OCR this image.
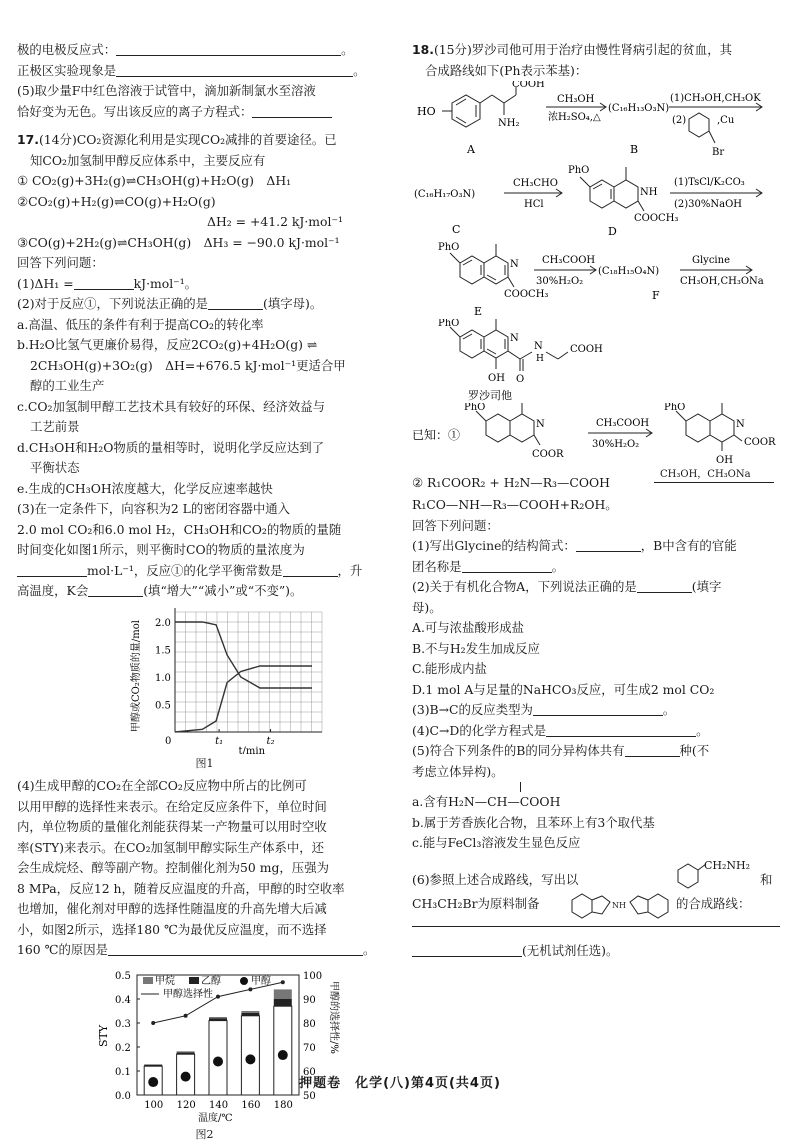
极的电极反应式：	。
正极区实验现象是	。
(5)取少量F中红色溶液于试管中，滴加新制氯水至溶液
恰好变为无色。写出该反应的离子方程式：
17.(14分)CO₂资源化利用是实现CO₂减排的首要途径。已
知CO₂加氢制甲醇反应体系中，主要反应有
① CO₂(g)+3H₂(g)⇌CH₃OH(g)+H₂O(g)　ΔH₁
②CO₂(g)+H₂(g)⇌CO(g)+H₂O(g)
ΔH₂ = +41.2 kJ·mol⁻¹
③CO(g)+2H₂(g)⇌CH₃OH(g)　ΔH₃ = −90.0 kJ·mol⁻¹
回答下列问题：
(1)ΔH₁ =	kJ·mol⁻¹。
(2)对于反应①，下列说法正确的是	(填字母)。
a.高温、低压的条件有利于提高CO₂的转化率
b.H₂O比氢气更廉价易得，反应2CO₂(g)+4H₂O(g) ⇌
2CH₃OH(g)+3O₂(g)　ΔH=+676.5 kJ·mol⁻¹更适合甲
醇的工业生产
c.CO₂加氢制甲醇工艺技术具有较好的环保、经济效益与
工艺前景
d.CH₃OH和H₂O物质的量相等时，说明化学反应达到了
平衡状态
e.生成的CH₃OH浓度越大，化学反应速率越快
(3)在一定条件下，向容积为2 L的密闭容器中通入
2.0 mol CO₂和6.0 mol H₂，CH₃OH和CO₂的物质的量随
时间变化如图1所示，则平衡时CO的物质的量浓度为
mol·L⁻¹，反应①的化学平衡常数是	，升
高温度，K会	(填“增大”“减小”或“不变”)。
甲醇或CO₂物质的量/mol 0.5
1.0
1.5
2.0
0	t₁	t₂
t/min
图1
(4)生成甲醇的CO₂在全部CO₂反应物中所占的比例可
以用甲醇的选择性来表示。在给定反应条件下，单位时间
内，单位物质的量催化剂能获得某一产物量可以用时空收
率(STY)来表示。在CO₂加氢制甲醇实际生产体系中，还
会生成烷烃、醇等副产物。控制催化剂为50 mg，压强为
8 MPa，反应12 h，随着反应温度的升高，甲醇的时空收率
也增加，催化剂对甲醇的选择性随温度的升高先增大后减
小，如图2所示，选择180 ℃为最优反应温度，而不选择
160 ℃的原因是	。
0.0
0.1
0.2
0.3
0.4
0.5
50
60
70
80
90
100
STY	甲醇的选择性/%
100 120 140 160 180
温度/℃
甲烷	乙醇	甲醇
甲醇选择性
图2
18.(15分)罗沙司他可用于治疗由慢性肾病引起的贫血，其
合成路线如下(Ph表示苯基)：
HO
COOH
NH₂
A
CH₃OH
浓H₂SO₄,△
(C₁₆H₁₃O₃N)
B
(1)CH₃OH,CH₃OK
(2)	,Cu
Br
(C₁₆H₁₇O₃N)
C
CH₃CHO
HCl
PhO
NH
COOCH₃
D
(1)TsCl/K₂CO₃
(2)30%NaOH
PhO
N
COOCH₃
E
CH₃COOH
30%H₂O₂
(C₁₈H₁₅O₄N)
Glycine
CH₃OH,CH₃ONa
F
PhO
N
N
H
COOH
O
OH
罗沙司他
已知：①
PhO
N
COOR
CH₃COOH
30%H₂O₂
PhO
N
COOR
OH
② R₁COOR₂ + H₂N—R₃—COOH
CH₃OH，CH₃ONa
R₁CO—NH—R₃—COOH+R₂OH。
回答下列问题：
(1)写出Glycine的结构简式：	，B中含有的官能
团名称是	。
(2)关于有机化合物A，下列说法正确的是	(填字
母)。
A.可与浓盐酸形成盐
B.不与H₂发生加成反应
C.能形成内盐
D.1 mol A与足量的NaHCO₃反应，可生成2 mol CO₂
(3)B→C的反应类型为	。
(4)C→D的化学方程式是	。
(5)符合下列条件的B的同分异构体共有	种(不
考虑立体异构)。
a.含有H₂N—CH—COOH
b.属于芳香族化合物，且苯环上有3个取代基
c.能与FeCl₃溶液发生显色反应
(6)参照上述合成路线，写出以
CH₂NH₂
和
CH₃CH₂Br为原料制备	NH	的合成路线：
(无机试剂任选)。
押题卷　化学(八)第4页(共4页)
